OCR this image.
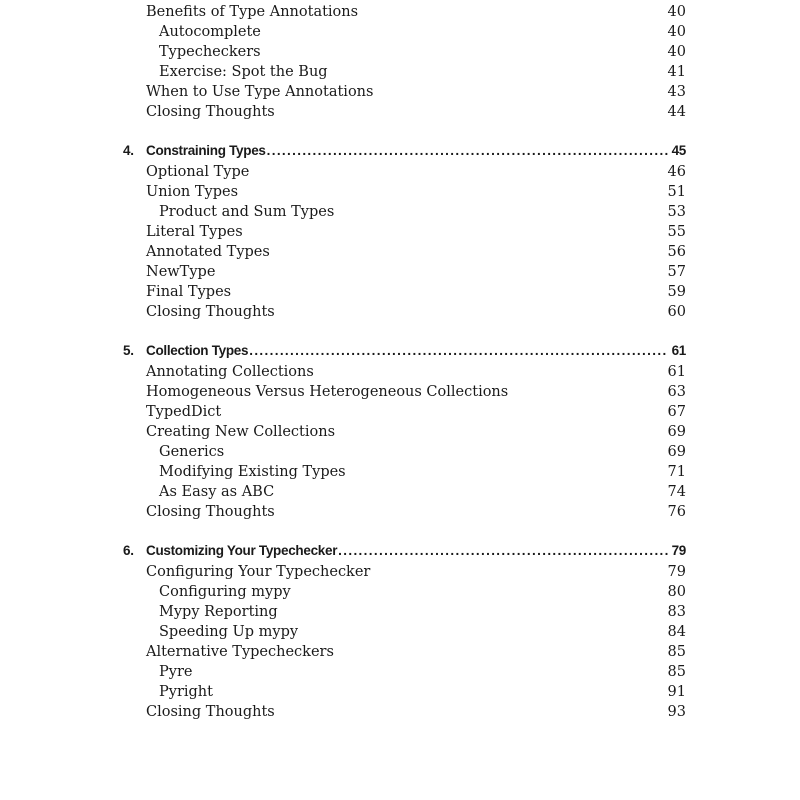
Benefits of Type Annotations	40
Autocomplete	40
Typecheckers	40
Exercise: Spot the Bug	41
When to Use Type Annotations	43
Closing Thoughts	44
4. Constraining Types . . .	45
Optional Type	46
Union Types	51
Product and Sum Types	53
Literal Types	55
Annotated Types	56
NewType	57
Final Types	59
Closing Thoughts	60
5. Collection Types . . .	61
Annotating Collections	61
Homogeneous Versus Heterogeneous Collections	63
TypedDict	67
Creating New Collections	69
Generics	69
Modifying Existing Types	71
As Easy as ABC	74
Closing Thoughts	76
6. Customizing Your Typechecker . . .	79
Configuring Your Typechecker	79
Configuring mypy	80
Mypy Reporting	83
Speeding Up mypy	84
Alternative Typecheckers	85
Pyre	85
Pyright	91
Closing Thoughts	93
